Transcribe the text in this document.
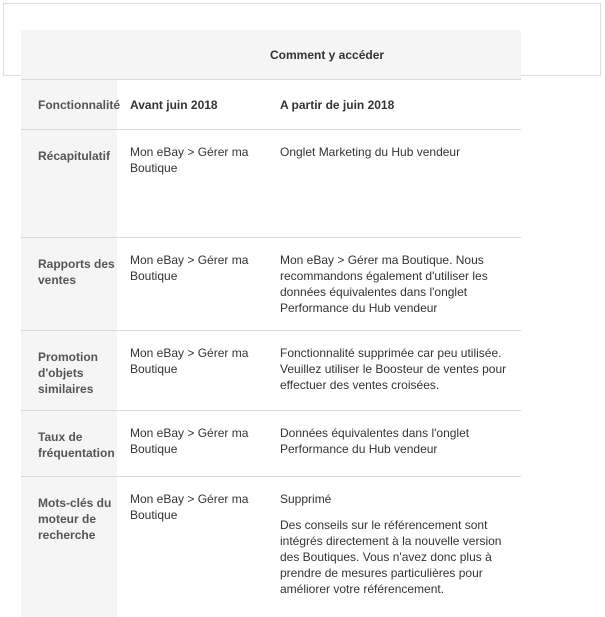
Comment y accéder		
Fonctionnalité	Avant juin 2018	A partir de juin 2018
Récapitulatif	Mon eBay > Gérer ma Boutique	Onglet Marketing du Hub vendeur
Rapports des ventes	Mon eBay > Gérer ma Boutique	Mon eBay > Gérer ma Boutique. Nous recommandons également d'utiliser les données équivalentes dans l'onglet Performance du Hub vendeur
Promotion d'objets similaires	Mon eBay > Gérer ma Boutique	Fonctionnalité supprimée car peu utilisée. Veuillez utiliser le Boosteur de ventes pour effectuer des ventes croisées.
Taux de fréquentation	Mon eBay > Gérer ma Boutique	Données équivalentes dans l'onglet Performance du Hub vendeur
Mots-clés du moteur de recherche	Mon eBay > Gérer ma Boutique	Supprimé
Des conseils sur le référencement sont intégrés directement à la nouvelle version des Boutiques. Vous n'avez donc plus à prendre de mesures particulières pour améliorer votre référencement.
